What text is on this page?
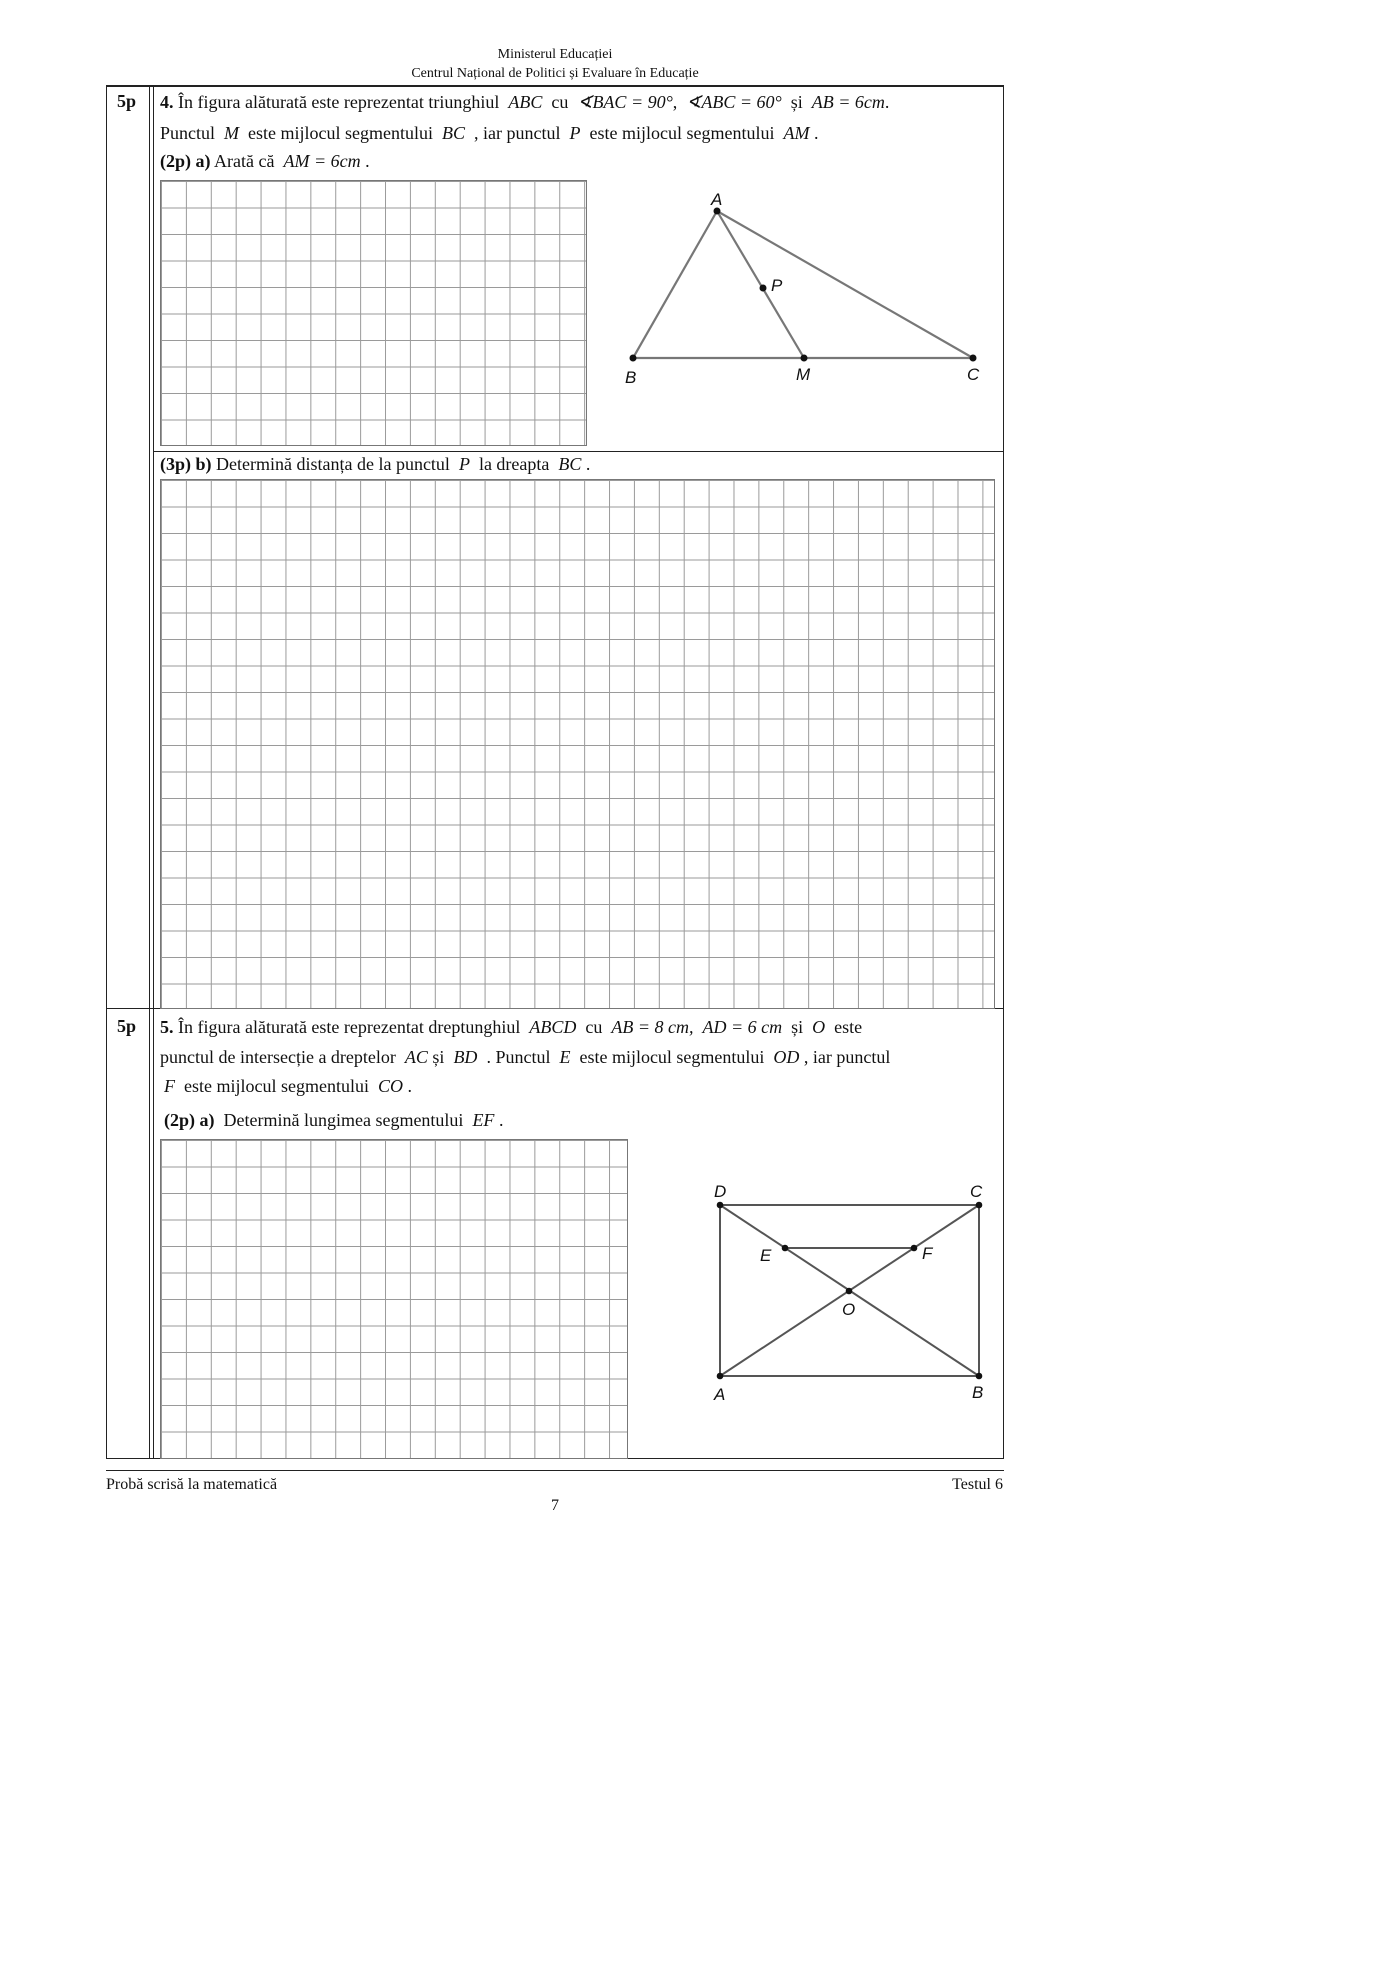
Ministerul Educației
Centrul Național de Politici și Evaluare în Educație
5p 4. În figura alăturată este reprezentat triunghiul ABC cu ∢BAC = 90°, ∢ABC = 60° și AB = 6cm.
Punctul M este mijlocul segmentului BC , iar punctul P este mijlocul segmentului AM .
(2p) a) Arată că AM = 6cm .
A
B	C
M
P
(3p) b) Determină distanța de la punctul P la dreapta BC .
5p 5. În figura alăturată este reprezentat dreptunghiul ABCD cu AB = 8 cm, AD = 6 cm și O este
punctul de intersecție a dreptelor AC și BD . Punctul E este mijlocul segmentului OD , iar punctul
F este mijlocul segmentului CO .
(2p) a) Determină lungimea segmentului EF .
D	C
A	B
E	F
O
Probă scrisă la matematică	Testul 6
7
